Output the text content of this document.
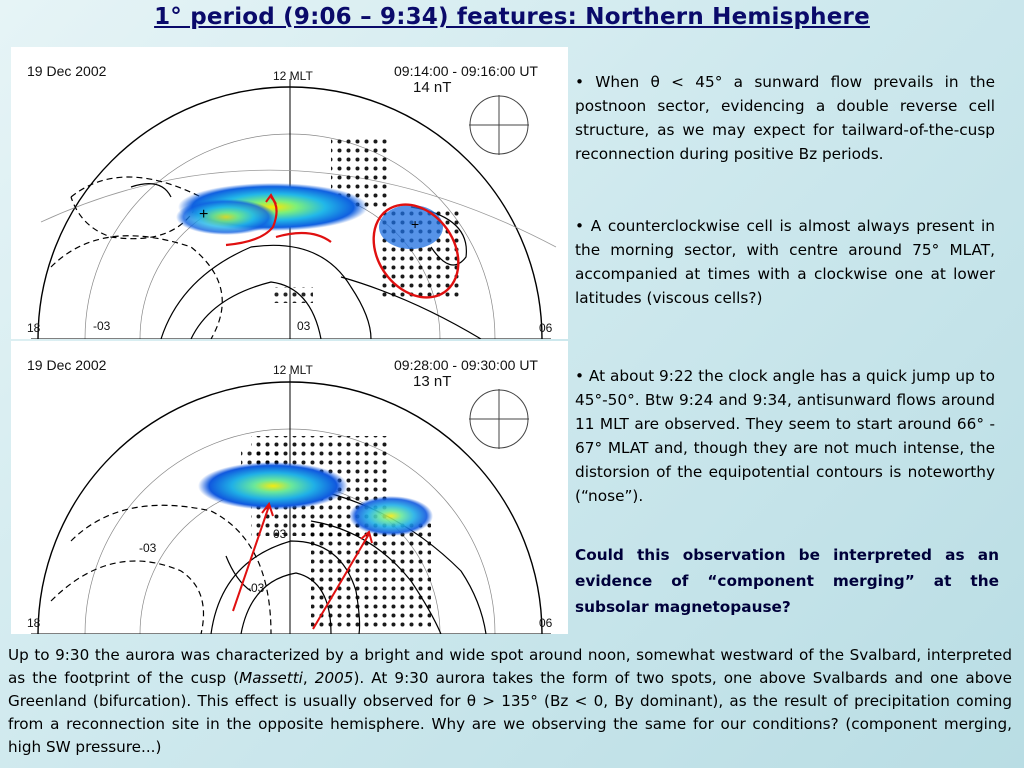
1° period (9:06 – 9:34) features: Northern Hemisphere
+
+
19 Dec 2002	12 MLT	09:14:00 - 09:16:00 UT
14 nT
18	06
-03	03
19 Dec 2002	12 MLT	09:28:00 - 09:30:00 UT
13 nT
18	06
-03
03
-03
• When θ < 45° a sunward flow prevails in the postnoon sector, evidencing a double reverse cell structure, as we may expect for tailward-of-the-cusp reconnection during positive Bz periods.
• A counterclockwise cell is almost always present in the morning sector, with centre around 75° MLAT, accompanied at times with a clockwise one at lower latitudes (viscous cells?)
• At about 9:22 the clock angle has a quick jump up to 45°-50°. Btw 9:24 and 9:34, antisunward flows around 11 MLT are observed. They seem to start around 66° - 67° MLAT and, though they are not much intense, the distorsion of the equipotential contours is noteworthy (“nose”).
Could this observation be interpreted as an evidence of “component merging” at the subsolar magnetopause?
Up to 9:30 the aurora was characterized by a bright and wide spot around noon, somewhat westward of the Svalbard, interpreted as the footprint of the cusp (Massetti, 2005). At 9:30 aurora takes the form of two spots, one above Svalbards and one above Greenland (bifurcation). This effect is usually observed for θ > 135° (Bz < 0, By dominant), as the result of precipitation coming from a reconnection site in the opposite hemisphere. Why are we observing the same for our conditions? (component merging, high SW pressure...)
